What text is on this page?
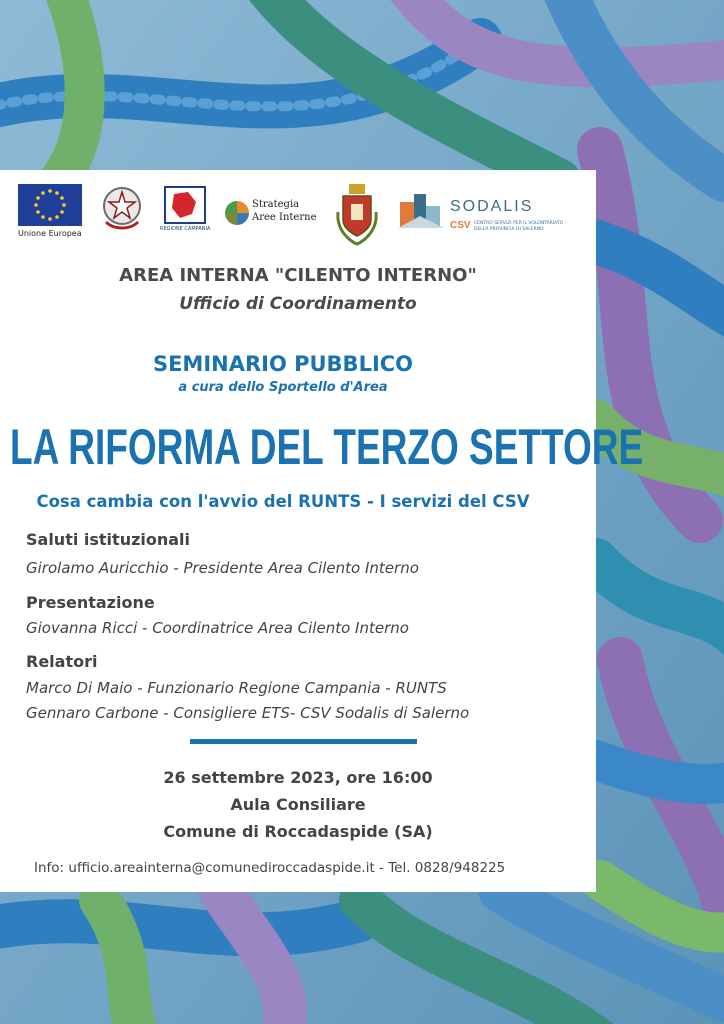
Unione Europea	REGIONE CAMPANIA
Strategia
Aree Interne
SODALIS
CSV CENTRO SERVIZI PER IL VOLONTARIATO DELLA PROVINCIA DI SALERNO
AREA INTERNA "CILENTO INTERNO"
Ufficio di Coordinamento
SEMINARIO PUBBLICO
a cura dello Sportello d'Area
LA RIFORMA DEL TERZO SETTORE
Cosa cambia con l'avvio del RUNTS - I servizi del CSV
Saluti istituzionali
Girolamo Auricchio - Presidente Area Cilento Interno
Presentazione
Giovanna Ricci - Coordinatrice Area Cilento Interno
Relatori
Marco Di Maio - Funzionario Regione Campania - RUNTS
Gennaro Carbone - Consigliere ETS- CSV Sodalis di Salerno
26 settembre 2023, ore 16:00
Aula Consiliare
Comune di Roccadaspide (SA)
Info: ufficio.areainterna@comunediroccadaspide.it - Tel. 0828/948225
